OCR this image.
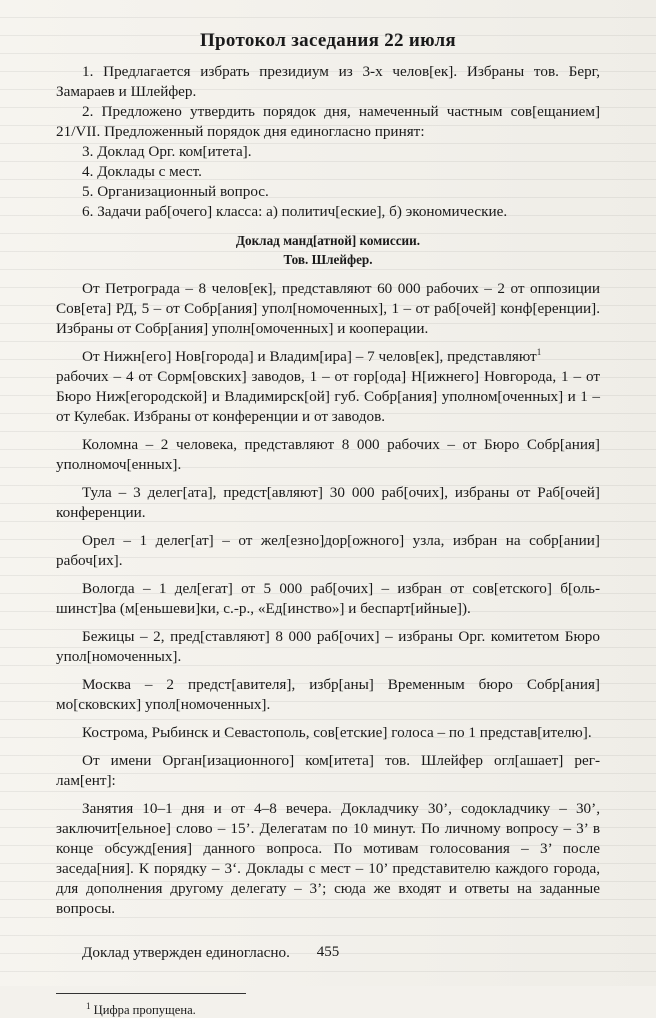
Протокол заседания 22 июля

1. Предлагается избрать президиум из 3-х челов[ек]. Избраны тов. Берг, Замараев и Шлейфер.

2. Предложено утвердить порядок дня, намеченный частным сов[ещанием] 21/VII. Предложенный порядок дня единогласно принят:

3. Доклад Орг. ком[итета].

4. Доклады с мест.

5. Организационный вопрос.

6. Задачи раб[очего] класса: а) политич[еские], б) экономические.

Доклад манд[атной] комиссии.
Тов. Шлейфер.

От Петрограда – 8 челов[ек], представляют 60 000 рабочих – 2 от оппозиции Сов[ета] РД, 5 – от Собр[ания] упол[номоченных], 1 – от раб[очей] конф[еренции]. Избраны от Собр[ания] уполн[омоченных] и кооперации.

От Нижн[его] Нов[города] и Владим[ира] – 7 челов[ек], представляют$^1$

рабочих – 4 от Сорм[овских] заводов, 1 – от гор[ода] Н[ижнего] Новгорода, 1 – от Бюро Ниж[егородской] и Владимирск[ой] губ. Собр[ания] уполном[оченных] и 1 – от Кулебак. Избраны от конференции и от заводов.

Коломна – 2 человека, представляют 8 000 рабочих – от Бюро Собр[ания] уполномоч[енных].

Тула – 3 делег[ата], предст[авляют] 30 000 раб[очих], избраны от Раб[очей] конференции.

Орел – 1 делег[ат] – от жел[езно]дор[ожного] узла, избран на собр[ании] рабоч[их].

Вологда – 1 дел[егат] от 5 000 раб[очих] – избран от сов[етского] б[ольшинст]ва (м[еньшеви]ки, с.-р., «Ед[инство»] и беспарт[ийные]).

Бежицы – 2, пред[ставляют] 8 000 раб[очих] – избраны Орг. комитетом Бюро упол[номоченных].

Москва – 2 предст[авителя], избр[аны] Временным бюро Собр[ания] мо[сковских] упол[номоченных].

Кострома, Рыбинск и Севастополь, сов[етские] голоса – по 1 представ[ителю].

От имени Орган[изационного] ком[итета] тов. Шлейфер огл[ашает] реглам[ент]:

Занятия 10–1 дня и от 4–8 вечера. Докладчику 30’, содокладчику – 30’, заключит[ельное] слово – 15’. Делегатам по 10 минут. По личному вопросу – 3’ в конце обсужд[ения] данного вопроса. По мотивам голосования – 3’ после заседа[ния]. К порядку – 3‘. Доклады с мест – 10’ представителю каждого города, для дополнения другому делегату – 3’; сюда же входят и ответы на заданные вопросы.

Доклад утвержден единогласно.

$^1$ Цифра пропущена.

455
